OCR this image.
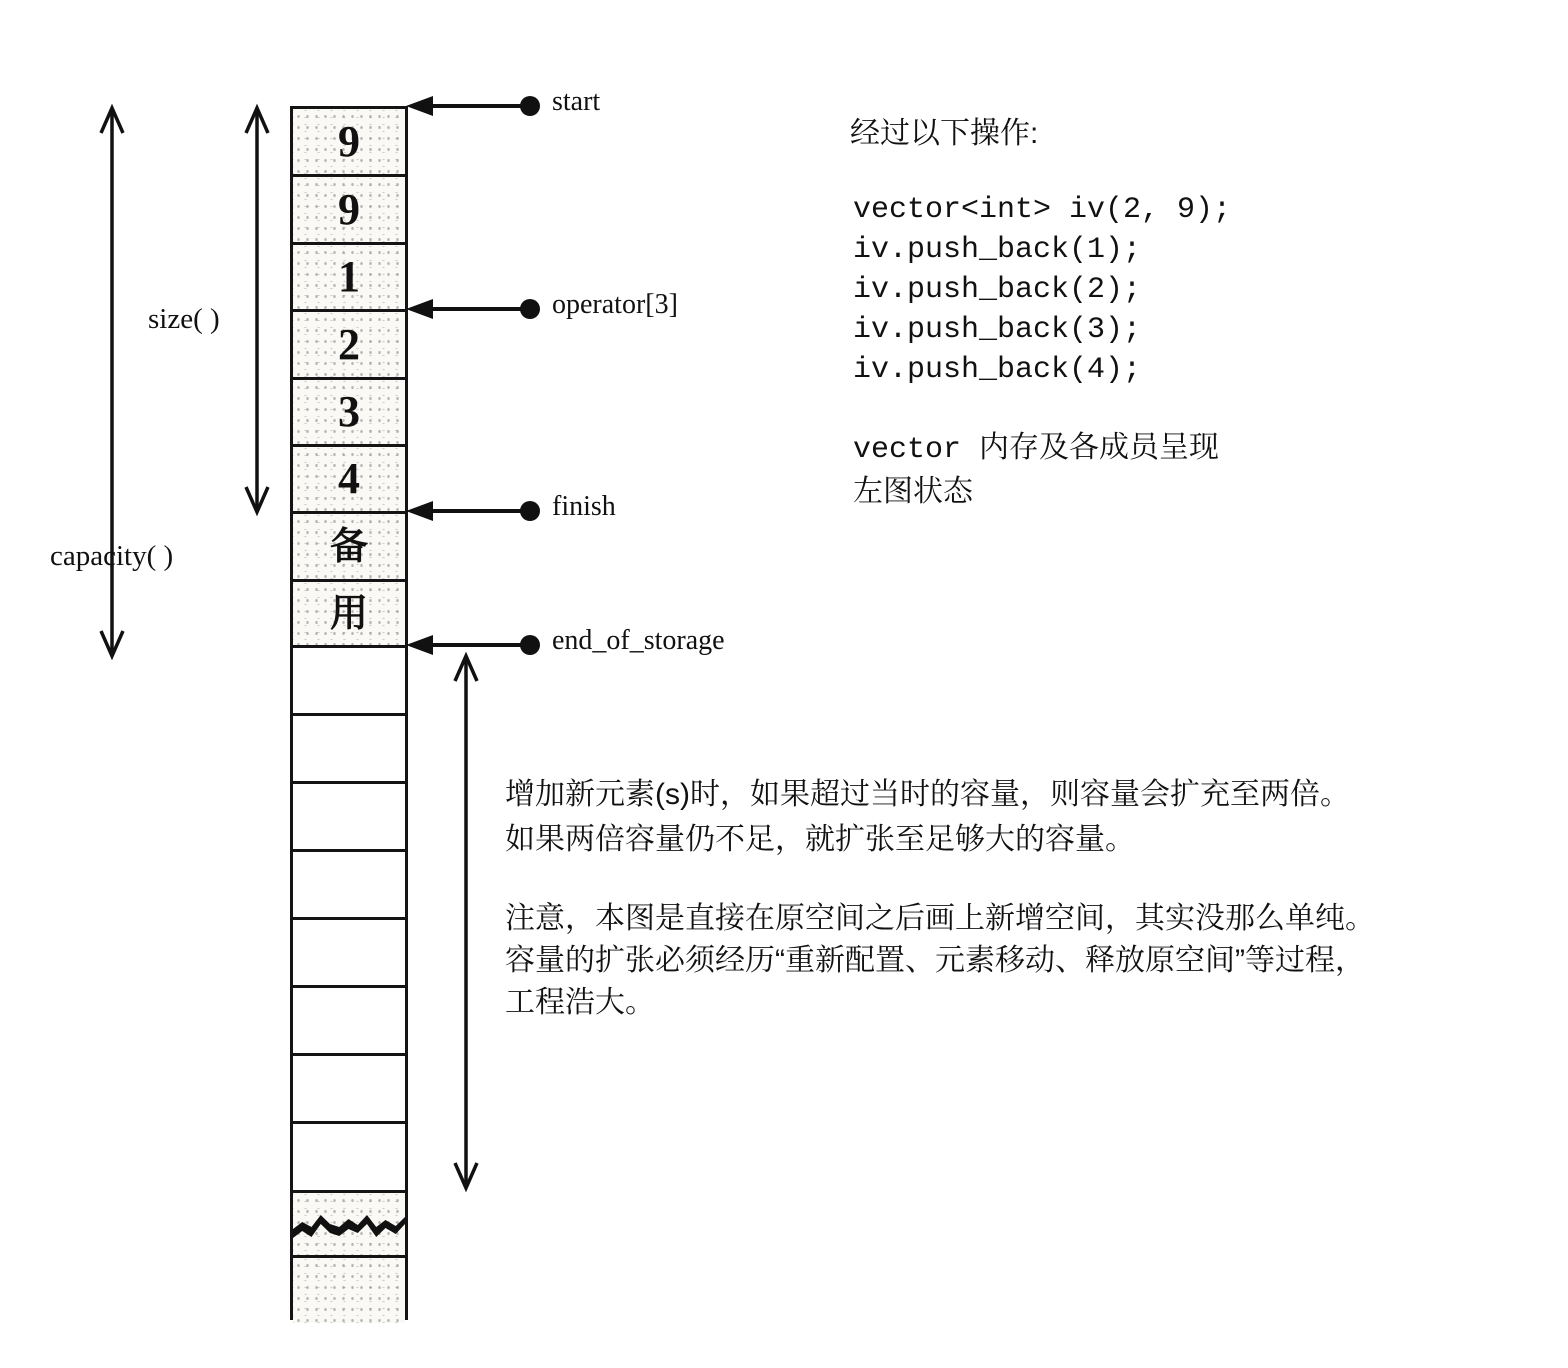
size( )
capacity( )
9
9
1
2
3
4
备
用
start
operator[3]
finish
end_of_storage
经过以下操作:
vector<int> iv(2, 9);
iv.push_back(1);
iv.push_back(2);
iv.push_back(3);
iv.push_back(4);
vector 内存及各成员呈现
左图状态
增加新元素(s)时，如果超过当时的容量，则容量会扩充至两倍。
如果两倍容量仍不足，就扩张至足够大的容量。
注意，本图是直接在原空间之后画上新增空间，其实没那么单纯。
容量的扩张必须经历“重新配置、元素移动、释放原空间”等过程，
工程浩大。
